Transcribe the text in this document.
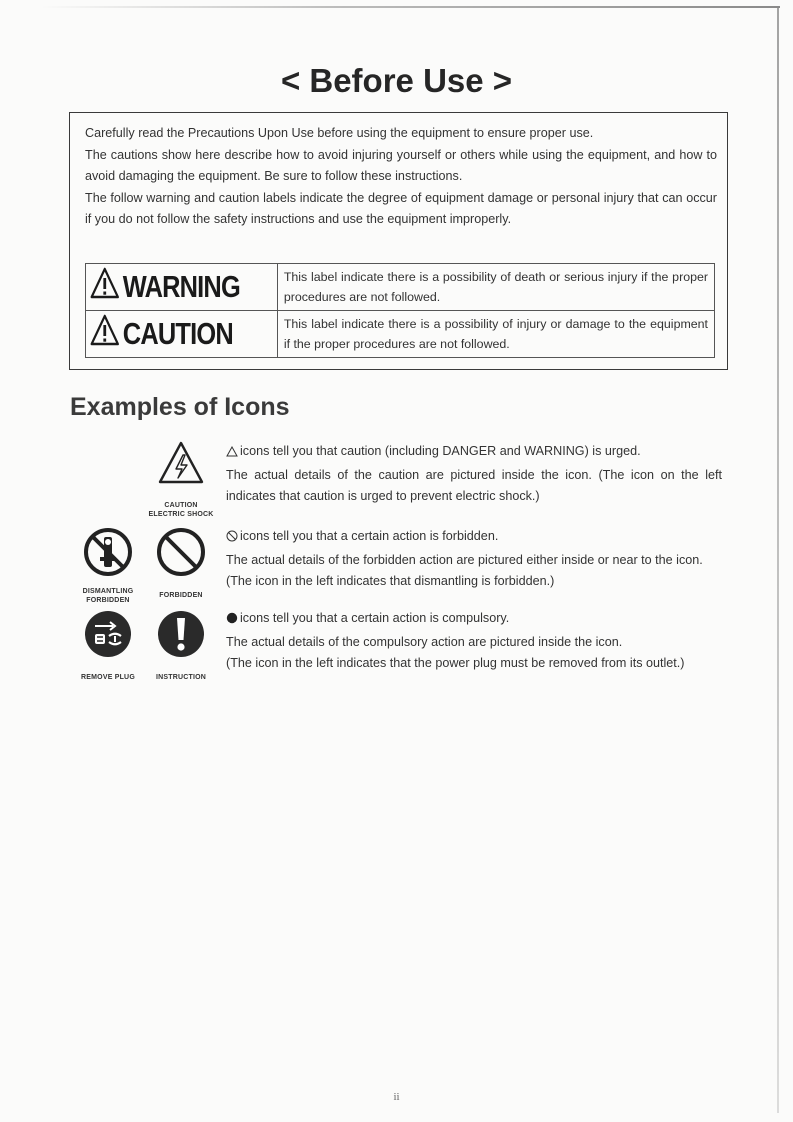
< Before Use >

Carefully read the Precautions Upon Use before using the equipment to ensure proper use.

The cautions show here describe how to avoid injuring yourself or others while using the equipment, and how to avoid damaging the equipment. Be sure to follow these instructions.

The follow warning and caution labels indicate the degree of equipment damage or personal injury that can occur if you do not follow the safety instructions and use the equipment improperly.

WARNING	This label indicate there is a possibility of death or serious injury if the proper procedures are not followed.

CAUTION	This label indicate there is a possibility of injury or damage to the equipment if the proper procedures are not followed.
Examples of Icons
CAUTION
ELECTRIC SHOCK
DISMANTLING
FORBIDDEN
FORBIDDEN
REMOVE PLUG	INSTRUCTION

icons tell you that caution (including DANGER and WARNING) is urged.

The actual details of the caution are pictured inside the icon. (The icon on the left indicates that caution is urged to prevent electric shock.)

icons tell you that a certain action is forbidden.

The actual details of the forbidden action are pictured either inside or near to the icon.

(The icon in the left indicates that dismantling is forbidden.)

icons tell you that a certain action is compulsory.

The actual details of the compulsory action are pictured inside the icon.

(The icon in the left indicates that the power plug must be removed from its outlet.)

ii
